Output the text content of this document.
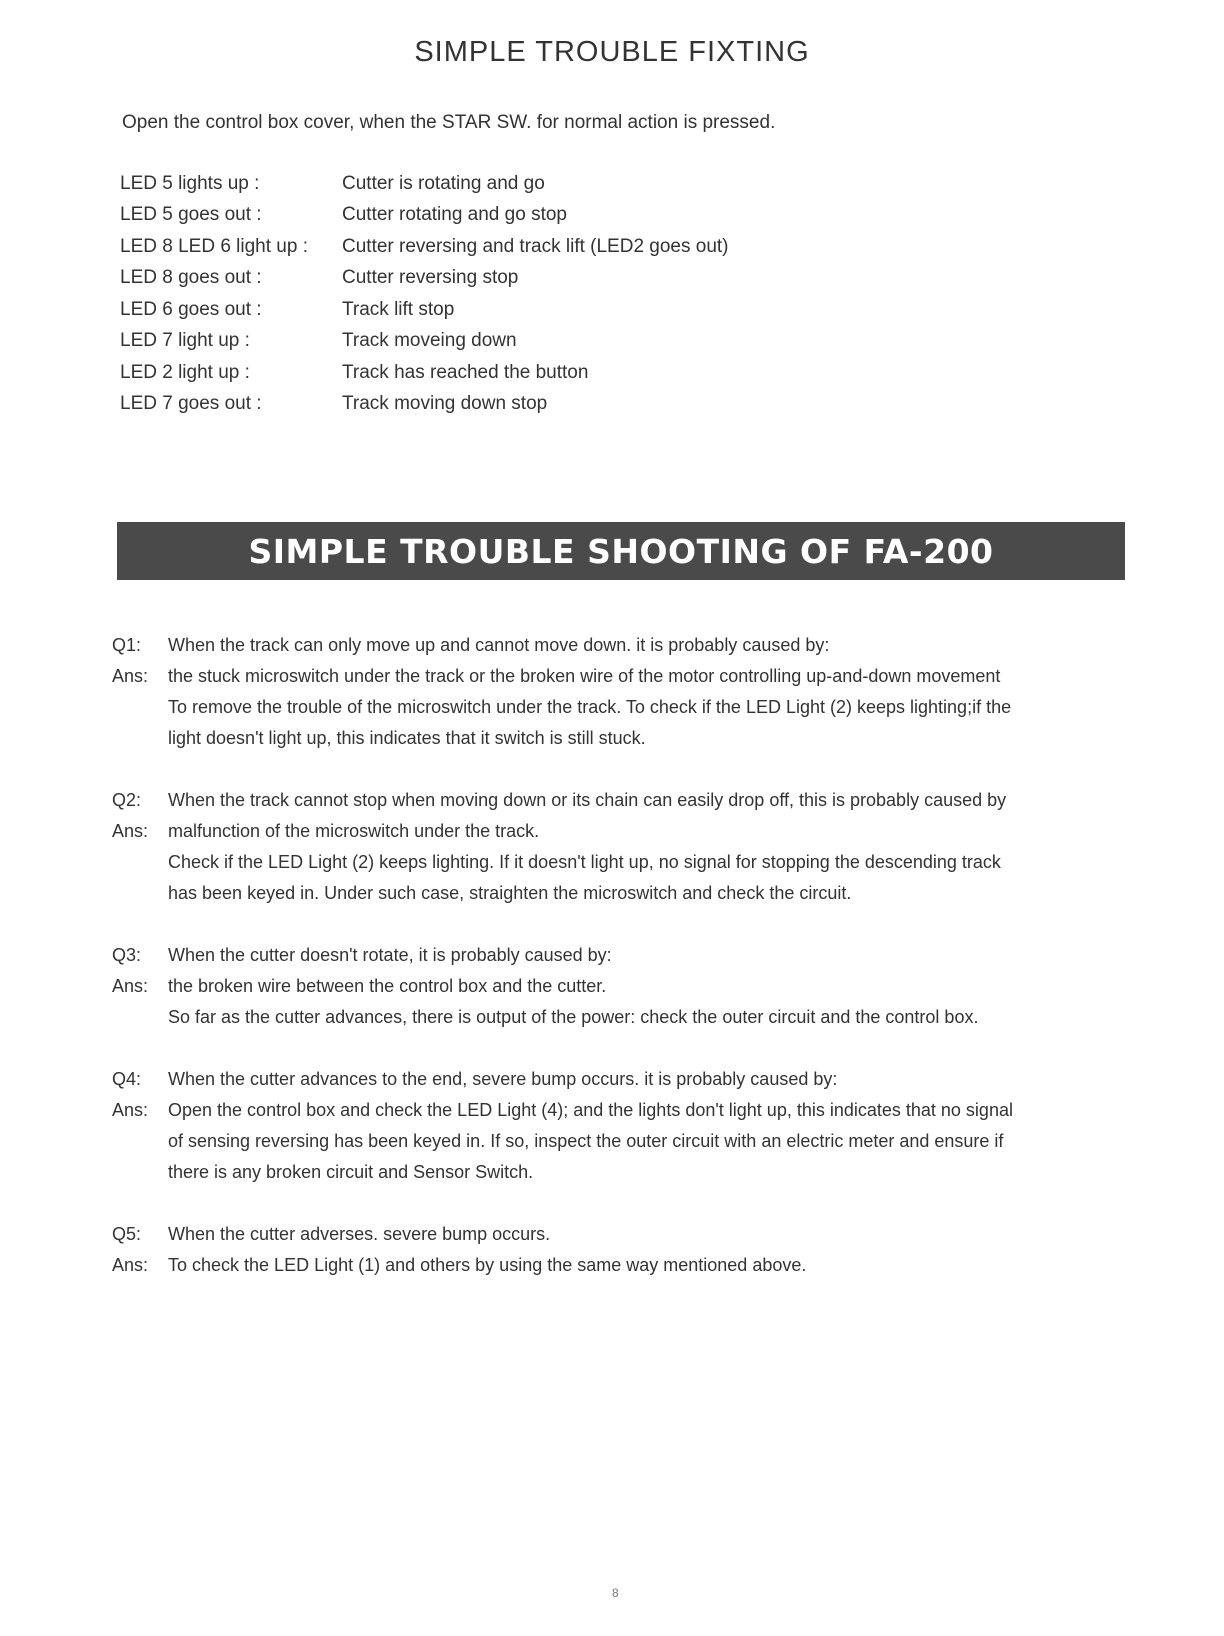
SIMPLE TROUBLE FIXTING
Open the control box cover, when the STAR SW. for normal action is pressed.
LED 5 lights up :	Cutter is rotating and go
LED 5 goes out :	Cutter rotating and go stop
LED 8 LED 6 light up :	Cutter reversing and track lift (LED2 goes out)
LED 8 goes out :	Cutter reversing stop
LED 6 goes out :	Track lift stop
LED 7 light up :	Track moveing down
LED 2 light up :	Track has reached the button
LED 7 goes out :	Track moving down stop
SIMPLE TROUBLE SHOOTING OF FA-200
Q1:	When the track can only move up and cannot move down. it is probably caused by:
Ans:	the stuck microswitch under the track or the broken wire of the motor controlling up-and-down movement
To remove the trouble of the microswitch under the track. To check if the LED Light (2) keeps lighting;if the
light doesn't light up, this indicates that it switch is still stuck.
Q2:	When the track cannot stop when moving down or its chain can easily drop off, this is probably caused by
Ans:	malfunction of the microswitch under the track.
Check if the LED Light (2) keeps lighting. If it doesn't light up, no signal for stopping the descending track
has been keyed in. Under such case, straighten the microswitch and check the circuit.
Q3:	When the cutter doesn't rotate, it is probably caused by:
Ans:	the broken wire between the control box and the cutter.
So far as the cutter advances, there is output of the power: check the outer circuit and the control box.
Q4:	When the cutter advances to the end, severe bump occurs. it is probably caused by:
Ans:	Open the control box and check the LED Light (4); and the lights don't light up, this indicates that no signal
of sensing reversing has been keyed in. If so, inspect the outer circuit with an electric meter and ensure if
there is any broken circuit and Sensor Switch.
Q5:	When the cutter adverses. severe bump occurs.
Ans:	To check the LED Light (1) and others by using the same way mentioned above.
8
